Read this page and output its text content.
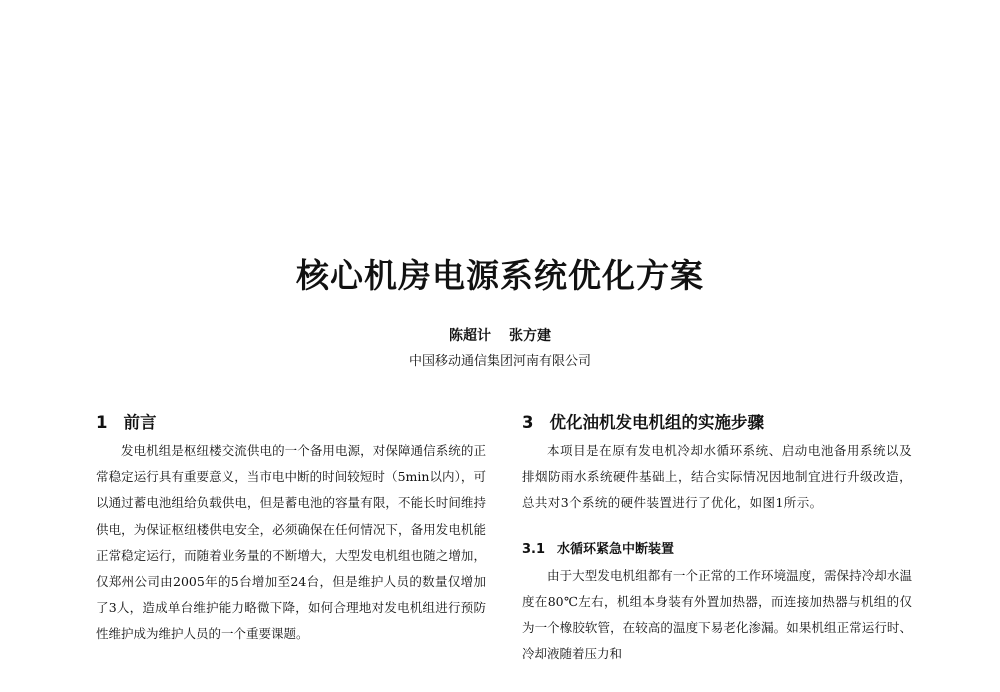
核心机房电源系统优化方案
陈超计 张方建
中国移动通信集团河南有限公司
1 前言

发电机组是枢纽楼交流供电的一个备用电源，对保障通信系统的正常稳定运行具有重要意义，当市电中断的时间较短时（5min以内），可以通过蓄电池组给负载供电，但是蓄电池的容量有限，不能长时间维持供电，为保证枢纽楼供电安全，必须确保在任何情况下，备用发电机能正常稳定运行，而随着业务量的不断增大，大型发电机组也随之增加，仅郑州公司由2005年的5台增加至24台，但是维护人员的数量仅增加了3人，造成单台维护能力略微下降，如何合理地对发电机组进行预防性维护成为维护人员的一个重要课题。

3 优化油机发电机组的实施步骤

本项目是在原有发电机冷却水循环系统、启动电池备用系统以及排烟防雨水系统硬件基础上，结合实际情况因地制宜进行升级改造，总共对3个系统的硬件装置进行了优化，如图1所示。

3.1 水循环紧急中断装置

由于大型发电机组都有一个正常的工作环境温度，需保持冷却水温度在80℃左右，机组本身装有外置加热器，而连接加热器与机组的仅为一个橡胶软管，在较高的温度下易老化渗漏。如果机组正常运行时、冷却液随着压力和
